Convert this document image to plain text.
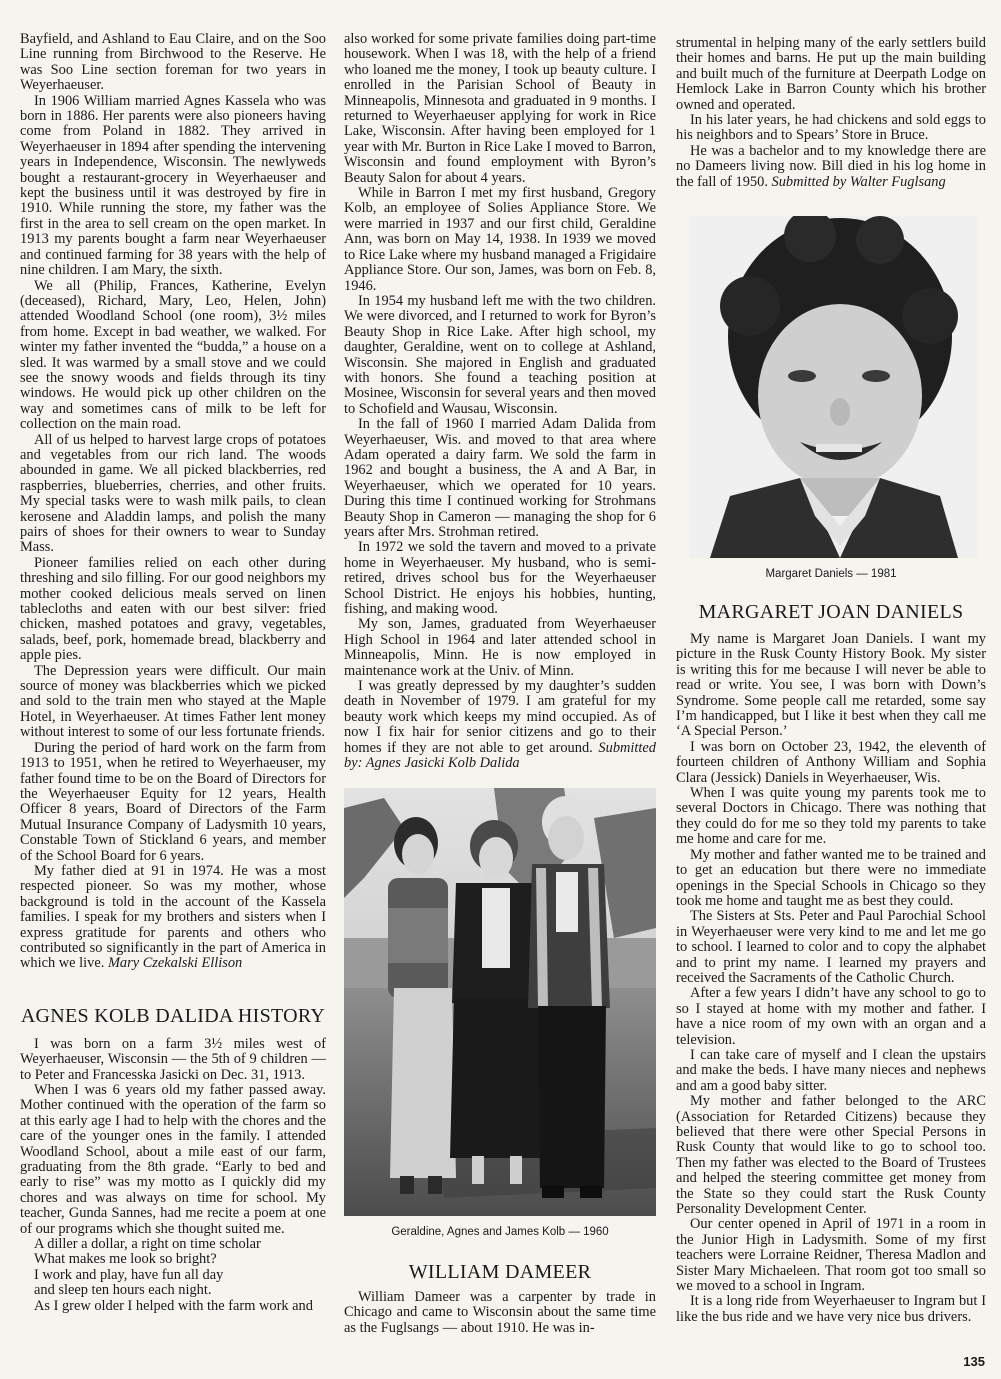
Bayfield, and Ashland to Eau Claire, and on the Soo Line running from Birchwood to the Reserve. He was Soo Line section foreman for two years in Weyerhaeuser.

In 1906 William married Agnes Kassela who was born in 1886. Her parents were also pioneers having come from Poland in 1882. They arrived in Weyerhaeuser in 1894 after spending the intervening years in Independence, Wisconsin. The newlyweds bought a restaurant-grocery in Weyerhaeuser and kept the business until it was destroyed by fire in 1910. While running the store, my father was the first in the area to sell cream on the open market. In 1913 my parents bought a farm near Weyerhaeuser and continued farming for 38 years with the help of nine children. I am Mary, the sixth.

We all (Philip, Frances, Katherine, Evelyn (deceased), Richard, Mary, Leo, Helen, John) attended Woodland School (one room), 3½ miles from home. Except in bad weather, we walked. For winter my father invented the “budda,” a house on a sled. It was warmed by a small stove and we could see the snowy woods and fields through its tiny windows. He would pick up other children on the way and sometimes cans of milk to be left for collection on the main road.

All of us helped to harvest large crops of potatoes and vegetables from our rich land. The woods abounded in game. We all picked blackberries, red raspberries, blueberries, cherries, and other fruits. My special tasks were to wash milk pails, to clean kerosene and Aladdin lamps, and polish the many pairs of shoes for their owners to wear to Sunday Mass.

Pioneer families relied on each other during threshing and silo filling. For our good neighbors my mother cooked delicious meals served on linen tablecloths and eaten with our best silver: fried chicken, mashed potatoes and gravy, vegetables, salads, beef, pork, homemade bread, blackberry and apple pies.

The Depression years were difficult. Our main source of money was blackberries which we picked and sold to the train men who stayed at the Maple Hotel, in Weyerhaeuser. At times Father lent money without interest to some of our less fortunate friends.

During the period of hard work on the farm from 1913 to 1951, when he retired to Weyerhaeuser, my father found time to be on the Board of Directors for the Weyerhaeuser Equity for 12 years, Health Officer 8 years, Board of Directors of the Farm Mutual Insurance Company of Ladysmith 10 years, Constable Town of Stickland 6 years, and member of the School Board for 6 years.

My father died at 91 in 1974. He was a most respected pioneer. So was my mother, whose background is told in the account of the Kassela families. I speak for my brothers and sisters when I express gratitude for parents and others who contributed so significantly in the part of America in which we live. Mary Czekalski Ellison

AGNES KOLB DALIDA HISTORY

I was born on a farm 3½ miles west of Weyerhaeuser, Wisconsin — the 5th of 9 children — to Peter and Francesska Jasicki on Dec. 31, 1913.

When I was 6 years old my father passed away. Mother continued with the operation of the farm so at this early age I had to help with the chores and the care of the younger ones in the family. I attended Woodland School, about a mile east of our farm, graduating from the 8th grade. “Early to bed and early to rise” was my motto as I quickly did my chores and was always on time for school. My teacher, Gunda Sannes, had me recite a poem at one of our programs which she thought suited me.

A diller a dollar, a right on time scholar

What makes me look so bright?

I work and play, have fun all day

and sleep ten hours each night.

As I grew older I helped with the farm work and

also worked for some private families doing part-time housework. When I was 18, with the help of a friend who loaned me the money, I took up beauty culture. I enrolled in the Parisian School of Beauty in Minneapolis, Minnesota and graduated in 9 months. I returned to Weyerhaeuser applying for work in Rice Lake, Wisconsin. After having been employed for 1 year with Mr. Burton in Rice Lake I moved to Barron, Wisconsin and found employment with Byron’s Beauty Salon for about 4 years.

While in Barron I met my first husband, Gregory Kolb, an employee of Solies Appliance Store. We were married in 1937 and our first child, Geraldine Ann, was born on May 14, 1938. In 1939 we moved to Rice Lake where my husband managed a Frigidaire Appliance Store. Our son, James, was born on Feb. 8, 1946.

In 1954 my husband left me with the two children. We were divorced, and I returned to work for Byron’s Beauty Shop in Rice Lake. After high school, my daughter, Geraldine, went on to college at Ashland, Wisconsin. She majored in English and graduated with honors. She found a teaching position at Mosinee, Wisconsin for several years and then moved to Schofield and Wausau, Wisconsin.

In the fall of 1960 I married Adam Dalida from Weyerhaeuser, Wis. and moved to that area where Adam operated a dairy farm. We sold the farm in 1962 and bought a business, the A and A Bar, in Weyerhaeuser, which we operated for 10 years. During this time I continued working for Strohmans Beauty Shop in Cameron — managing the shop for 6 years after Mrs. Strohman retired.

In 1972 we sold the tavern and moved to a private home in Weyerhaeuser. My husband, who is semi-retired, drives school bus for the Weyerhaeuser School District. He enjoys his hobbies, hunting, fishing, and making wood.

My son, James, graduated from Weyerhaeuser High School in 1964 and later attended school in Minneapolis, Minn. He is now employed in maintenance work at the Univ. of Minn.

I was greatly depressed by my daughter’s sudden death in November of 1979. I am grateful for my beauty work which keeps my mind occupied. As of now I fix hair for senior citizens and go to their homes if they are not able to get around. Submitted by: Agnes Jasicki Kolb Dalida

Geraldine, Agnes and James Kolb — 1960
WILLIAM DAMEER

William Dameer was a carpenter by trade in Chicago and came to Wisconsin about the same time as the Fuglsangs — about 1910. He was in-

strumental in helping many of the early settlers build their homes and barns. He put up the main building and built much of the furniture at Deerpath Lodge on Hemlock Lake in Barron County which his brother owned and operated.

In his later years, he had chickens and sold eggs to his neighbors and to Spears’ Store in Bruce.

He was a bachelor and to my knowledge there are no Dameers living now. Bill died in his log home in the fall of 1950. Submitted by Walter Fuglsang

Margaret Daniels — 1981
MARGARET JOAN DANIELS

My name is Margaret Joan Daniels. I want my picture in the Rusk County History Book. My sister is writing this for me because I will never be able to read or write. You see, I was born with Down’s Syndrome. Some people call me retarded, some say I’m handicapped, but I like it best when they call me ‘A Special Person.’

I was born on October 23, 1942, the eleventh of fourteen children of Anthony William and Sophia Clara (Jessick) Daniels in Weyerhaeuser, Wis.

When I was quite young my parents took me to several Doctors in Chicago. There was nothing that they could do for me so they told my parents to take me home and care for me.

My mother and father wanted me to be trained and to get an education but there were no immediate openings in the Special Schools in Chicago so they took me home and taught me as best they could.

The Sisters at Sts. Peter and Paul Parochial School in Weyerhaeuser were very kind to me and let me go to school. I learned to color and to copy the alphabet and to print my name. I learned my prayers and received the Sacraments of the Catholic Church.

After a few years I didn’t have any school to go to so I stayed at home with my mother and father. I have a nice room of my own with an organ and a television.

I can take care of myself and I clean the upstairs and make the beds. I have many nieces and nephews and am a good baby sitter.

My mother and father belonged to the ARC (Association for Retarded Citizens) because they believed that there were other Special Persons in Rusk County that would like to go to school too. Then my father was elected to the Board of Trustees and helped the steering committee get money from the State so they could start the Rusk County Personality Development Center.

Our center opened in April of 1971 in a room in the Junior High in Ladysmith. Some of my first teachers were Lorraine Reidner, Theresa Madlon and Sister Mary Michaeleen. That room got too small so we moved to a school in Ingram.

It is a long ride from Weyerhaeuser to Ingram but I like the bus ride and we have very nice bus drivers.

135
